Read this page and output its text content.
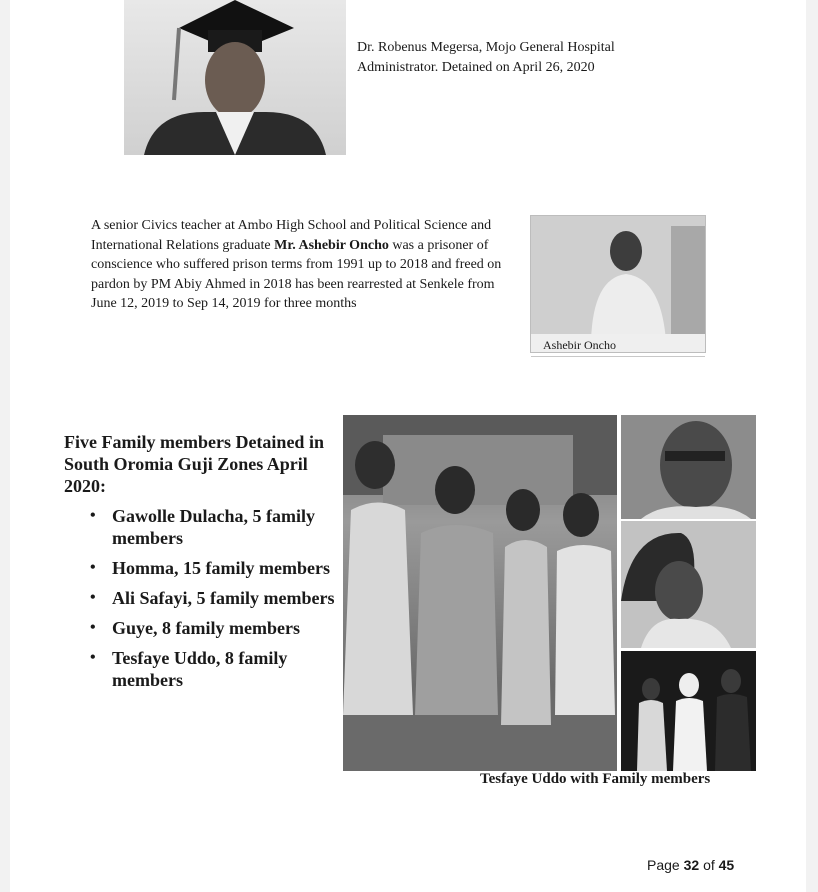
Dr. Robenus Megersa, Mojo General Hospital
Administrator. Detained on April 26, 2020
A senior Civics teacher at Ambo High School and Political Science and International Relations graduate Mr. Ashebir Oncho was a prisoner of conscience who suffered prison terms from 1991 up to 2018 and freed on pardon by PM Abiy Ahmed in 2018 has been rearrested at Senkele from June 12, 2019 to Sep 14, 2019 for three months
Ashebir Oncho
Five Family members Detained in South Oromia Guji Zones April 2020:
• Gawolle Dulacha, 5 family members
• Homma, 15 family members
• Ali Safayi, 5 family members
• Guye, 8 family members
• Tesfaye Uddo, 8 family members
Tesfaye Uddo with Family members
Page 32 of 45
